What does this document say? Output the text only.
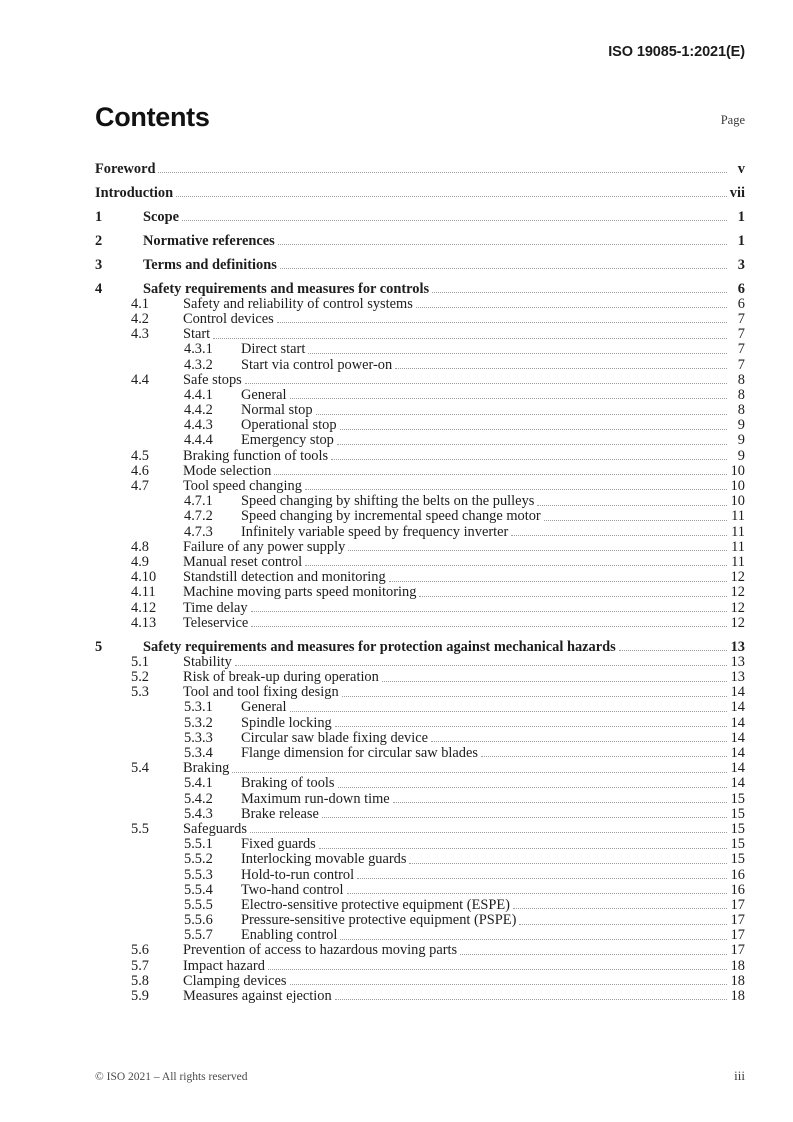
ISO 19085-1:2021(E)
Contents	Page
Foreword	v
Introduction	vii
1	Scope	1
2	Normative references	1
3	Terms and definitions	3
4	Safety requirements and measures for controls	6
4.1	Safety and reliability of control systems	6
4.2	Control devices	7
4.3	Start	7
4.3.1	Direct start	7
4.3.2	Start via control power-on	7
4.4	Safe stops	8
4.4.1	General	8
4.4.2	Normal stop	8
4.4.3	Operational stop	9
4.4.4	Emergency stop	9
4.5	Braking function of tools	9
4.6	Mode selection	10
4.7	Tool speed changing	10
4.7.1	Speed changing by shifting the belts on the pulleys	10
4.7.2	Speed changing by incremental speed change motor	11
4.7.3	Infinitely variable speed by frequency inverter	11
4.8	Failure of any power supply	11
4.9	Manual reset control	11
4.10	Standstill detection and monitoring	12
4.11	Machine moving parts speed monitoring	12
4.12	Time delay	12
4.13	Teleservice	12
5	Safety requirements and measures for protection against mechanical hazards	13
5.1	Stability	13
5.2	Risk of break-up during operation	13
5.3	Tool and tool fixing design	14
5.3.1	General	14
5.3.2	Spindle locking	14
5.3.3	Circular saw blade fixing device	14
5.3.4	Flange dimension for circular saw blades	14
5.4	Braking	14
5.4.1	Braking of tools	14
5.4.2	Maximum run-down time	15
5.4.3	Brake release	15
5.5	Safeguards	15
5.5.1	Fixed guards	15
5.5.2	Interlocking movable guards	15
5.5.3	Hold-to-run control	16
5.5.4	Two-hand control	16
5.5.5	Electro-sensitive protective equipment (ESPE)	17
5.5.6	Pressure-sensitive protective equipment (PSPE)	17
5.5.7	Enabling control	17
5.6	Prevention of access to hazardous moving parts	17
5.7	Impact hazard	18
5.8	Clamping devices	18
5.9	Measures against ejection	18
© ISO 2021 – All rights reserved	iii
